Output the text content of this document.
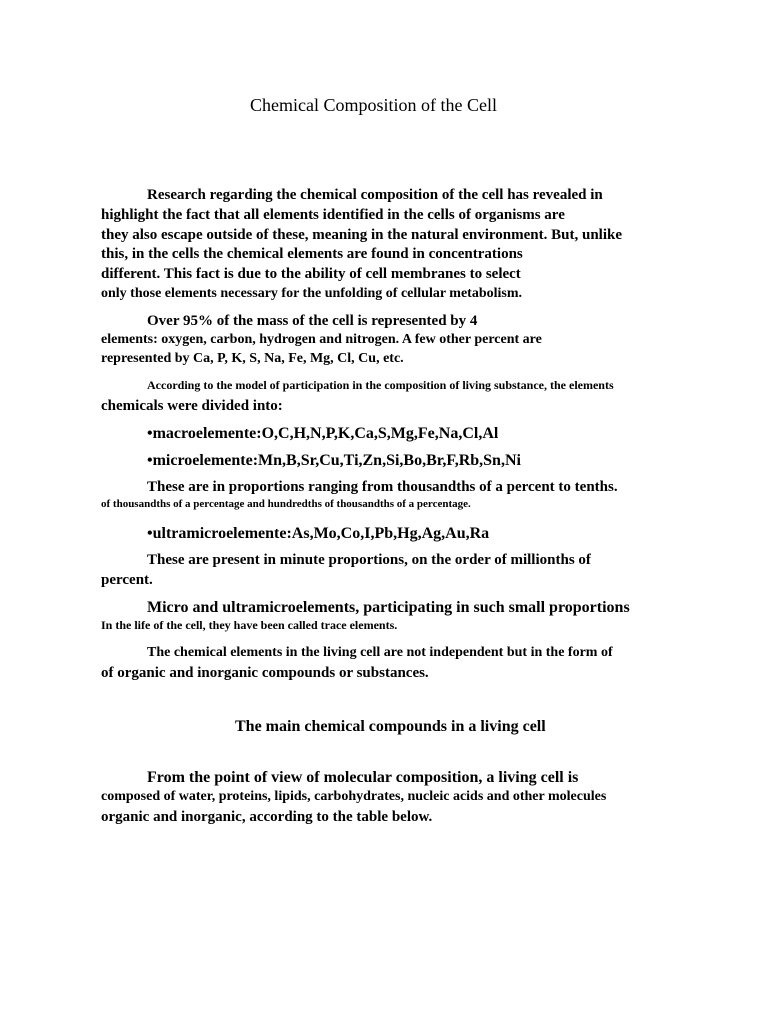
Chemical Composition of the Cell
Research regarding the chemical composition of the cell has revealed in
highlight the fact that all elements identified in the cells of organisms are
they also escape outside of these, meaning in the natural environment. But, unlike
this, in the cells the chemical elements are found in concentrations
different. This fact is due to the ability of cell membranes to select
only those elements necessary for the unfolding of cellular metabolism.
Over 95% of the mass of the cell is represented by 4
elements: oxygen, carbon, hydrogen and nitrogen. A few other percent are
represented by Ca, P, K, S, Na, Fe, Mg, Cl, Cu, etc.
According to the model of participation in the composition of living substance, the elements
chemicals were divided into:
•macroelemente:O,C,H,N,P,K,Ca,S,Mg,Fe,Na,Cl,Al
•microelemente:Mn,B,Sr,Cu,Ti,Zn,Si,Bo,Br,F,Rb,Sn,Ni
These are in proportions ranging from thousandths of a percent to tenths.
of thousandths of a percentage and hundredths of thousandths of a percentage.
•ultramicroelemente:As,Mo,Co,I,Pb,Hg,Ag,Au,Ra
These are present in minute proportions, on the order of millionths of
percent.
Micro and ultramicroelements, participating in such small proportions
In the life of the cell, they have been called trace elements.
The chemical elements in the living cell are not independent but in the form of
of organic and inorganic compounds or substances.
The main chemical compounds in a living cell
From the point of view of molecular composition, a living cell is
composed of water, proteins, lipids, carbohydrates, nucleic acids and other molecules
organic and inorganic, according to the table below.
